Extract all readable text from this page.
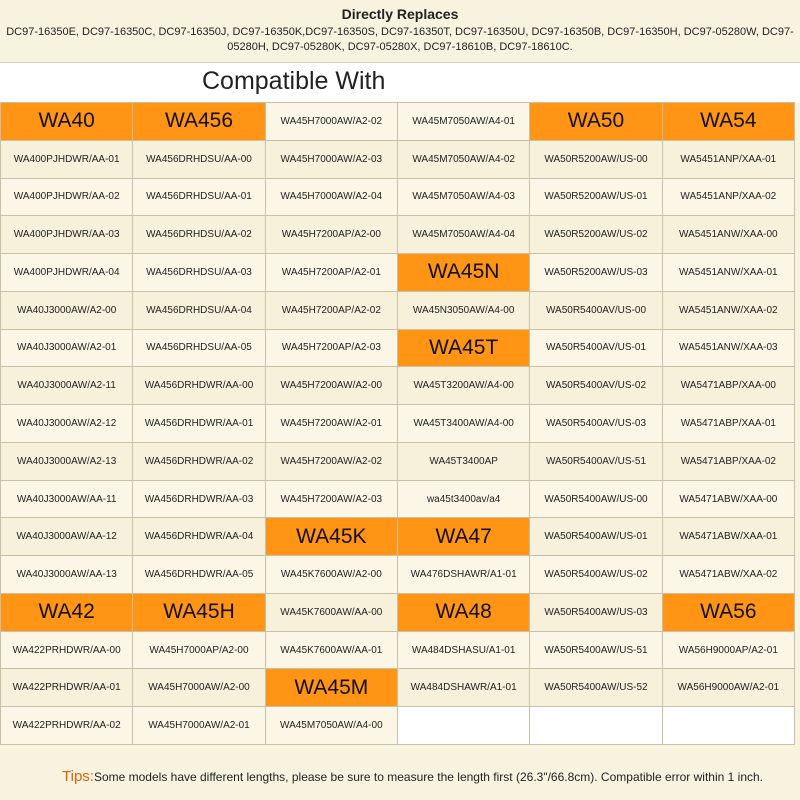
Directly Replaces
DC97-16350E, DC97-16350C, DC97-16350J, DC97-16350K,DC97-16350S, DC97-16350T, DC97-16350U, DC97-16350B, DC97-16350H, DC97-05280W, DC97-05280H, DC97-05280K, DC97-05280X, DC97-18610B, DC97-18610C.
Compatible With
WA40
WA400PJHDWR/AA-01
WA400PJHDWR/AA-02
WA400PJHDWR/AA-03
WA400PJHDWR/AA-04
WA40J3000AW/A2-00
WA40J3000AW/A2-01
WA40J3000AW/A2-11
WA40J3000AW/A2-12
WA40J3000AW/A2-13
WA40J3000AW/AA-11
WA40J3000AW/AA-12
WA40J3000AW/AA-13
WA42
WA422PRHDWR/AA-00
WA422PRHDWR/AA-01
WA422PRHDWR/AA-02
WA456
WA456DRHDSU/AA-00
WA456DRHDSU/AA-01
WA456DRHDSU/AA-02
WA456DRHDSU/AA-03
WA456DRHDSU/AA-04
WA456DRHDSU/AA-05
WA456DRHDWR/AA-00
WA456DRHDWR/AA-01
WA456DRHDWR/AA-02
WA456DRHDWR/AA-03
WA456DRHDWR/AA-04
WA456DRHDWR/AA-05
WA45H
WA45H7000AP/A2-00
WA45H7000AW/A2-00
WA45H7000AW/A2-01
WA45H7000AW/A2-02
WA45H7000AW/A2-03
WA45H7000AW/A2-04
WA45H7200AP/A2-00
WA45H7200AP/A2-01
WA45H7200AP/A2-02
WA45H7200AP/A2-03
WA45H7200AW/A2-00
WA45H7200AW/A2-01
WA45H7200AW/A2-02
WA45H7200AW/A2-03
WA45K
WA45K7600AW/A2-00
WA45K7600AW/AA-00
WA45K7600AW/AA-01
WA45M
WA45M7050AW/A4-00
WA45M7050AW/A4-01
WA45M7050AW/A4-02
WA45M7050AW/A4-03
WA45M7050AW/A4-04
WA45N
WA45N3050AW/A4-00
WA45T
WA45T3200AW/A4-00
WA45T3400AW/A4-00
WA45T3400AP
wa45t3400av/a4
WA47
WA476DSHAWR/A1-01
WA48
WA484DSHASU/A1-01
WA484DSHAWR/A1-01
WA50
WA50R5200AW/US-00
WA50R5200AW/US-01
WA50R5200AW/US-02
WA50R5200AW/US-03
WA50R5400AV/US-00
WA50R5400AV/US-01
WA50R5400AV/US-02
WA50R5400AV/US-03
WA50R5400AV/US-51
WA50R5400AW/US-00
WA50R5400AW/US-01
WA50R5400AW/US-02
WA50R5400AW/US-03
WA50R5400AW/US-51
WA50R5400AW/US-52
WA54
WA5451ANP/XAA-01
WA5451ANP/XAA-02
WA5451ANW/XAA-00
WA5451ANW/XAA-01
WA5451ANW/XAA-02
WA5451ANW/XAA-03
WA5471ABP/XAA-00
WA5471ABP/XAA-01
WA5471ABP/XAA-02
WA5471ABW/XAA-00
WA5471ABW/XAA-01
WA5471ABW/XAA-02
WA56
WA56H9000AP/A2-01
WA56H9000AW/A2-01
Tips:Some models have different lengths, please be sure to measure the length first (26.3"/66.8cm). Compatible error within 1 inch.
